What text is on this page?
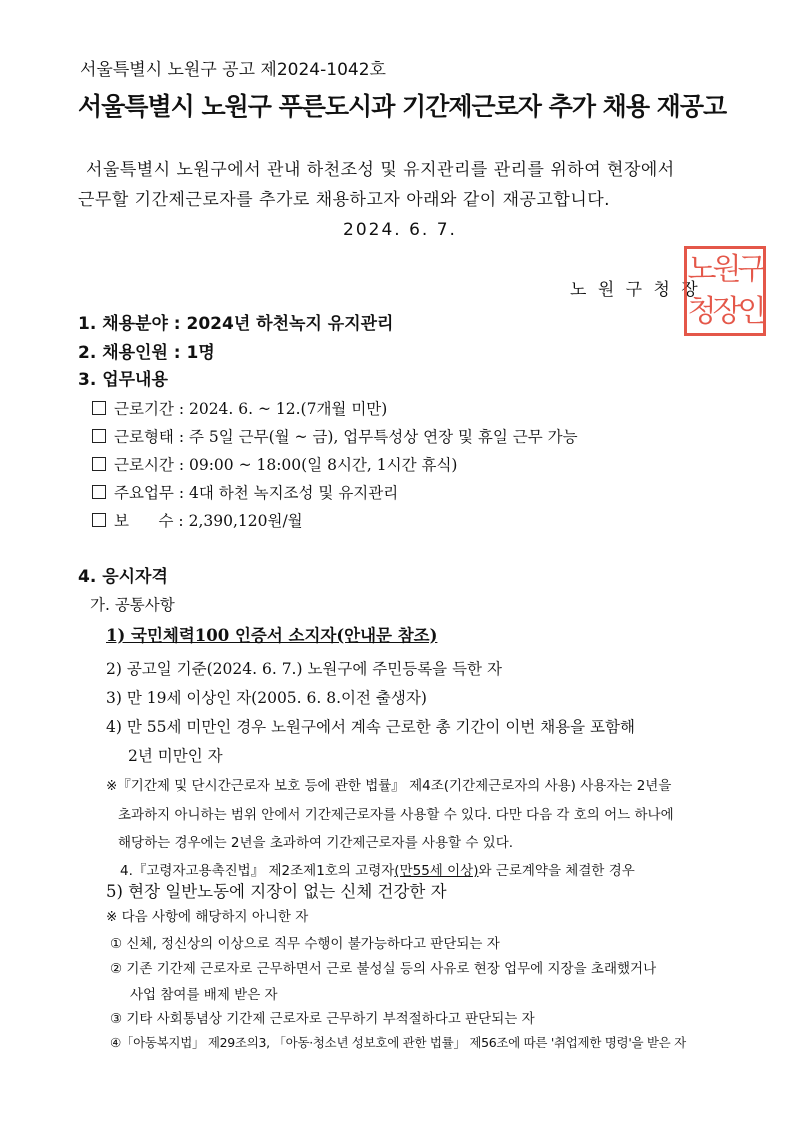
서울특별시 노원구 공고 제2024-1042호
서울특별시 노원구 푸른도시과 기간제근로자 추가 채용 재공고
서울특별시 노원구에서 관내 하천조성 및 유지관리를 관리를 위하여 현장에서
근무할 기간제근로자를 추가로 채용하고자 아래와 같이 재공고합니다.
2024. 6. 7.
노 원 구 청 장
노원구
청장인
1. 채용분야 : 2024년 하천녹지 유지관리
2. 채용인원 : 1명
3. 업무내용
근로기간 : 2024. 6. ~ 12.(7개월 미만)
근로형태 : 주 5일 근무(월 ~ 금), 업무특성상 연장 및 휴일 근무 가능
근로시간 : 09:00 ~ 18:00(일 8시간, 1시간 휴식)
주요업무 : 4대 하천 녹지조성 및 유지관리
보      수 : 2,390,120원/월
4. 응시자격
가. 공통사항
1) 국민체력100 인증서 소지자(안내문 참조)
2) 공고일 기준(2024. 6. 7.) 노원구에 주민등록을 득한 자
3) 만 19세 이상인 자(2005. 6. 8.이전 출생자)
4) 만 55세 미만인 경우 노원구에서 계속 근로한 총 기간이 이번 채용을 포함해
2년 미만인 자
※『기간제 및 단시간근로자 보호 등에 관한 법률』 제4조(기간제근로자의 사용) 사용자는 2년을
초과하지 아니하는 범위 안에서 기간제근로자를 사용할 수 있다. 다만 다음 각 호의 어느 하나에
해당하는 경우에는 2년을 초과하여 기간제근로자를 사용할 수 있다.
4.『고령자고용촉진법』 제2조제1호의 고령자(만55세 이상)와 근로계약을 체결한 경우
5) 현장 일반노동에 지장이 없는 신체 건강한 자
※ 다음 사항에 해당하지 아니한 자
① 신체, 정신상의 이상으로 직무 수행이 불가능하다고 판단되는 자
② 기존 기간제 근로자로 근무하면서 근로 불성실 등의 사유로 현장 업무에 지장을 초래했거나
사업 참여를 배제 받은 자
③ 기타 사회통념상 기간제 근로자로 근무하기 부적절하다고 판단되는 자
④「아동복지법」 제29조의3, 「아동·청소년 성보호에 관한 법률」 제56조에 따른 '취업제한 명령'을 받은 자
